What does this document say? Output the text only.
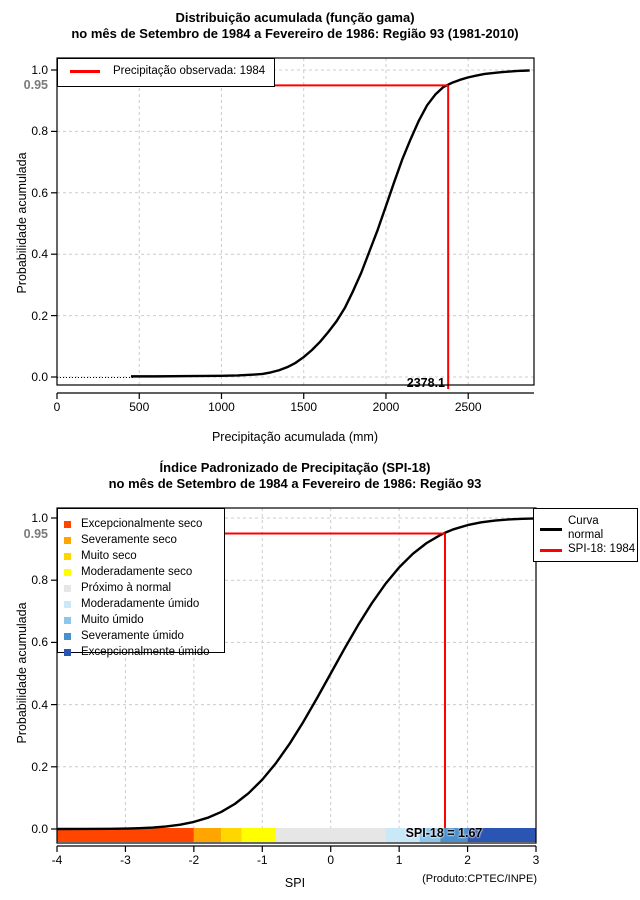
Distribuição acumulada (função gama)
no mês de Setembro de 1984 a Fevereiro de 1986: Região 93 (1981-2010)
Probabilidade acumulada
Precipitação acumulada (mm)
0.95
Precipitação observada: 1984
2378.1
Índice Padronizado de Precipitação (SPI-18)
no mês de Setembro de 1984 a Fevereiro de 1986: Região 93
Probabilidade acumulada
SPI
0.95
Excepcionalmente seco
Severamente seco
Muito seco
Moderadamente seco
Próximo à normal
Moderadamente úmido
Muito úmido
Severamente úmido
Excepcionalmente úmido
Curva normal
SPI-18: 1984
SPI-18 = 1.67
(Produto:CPTEC/INPE)
0	500	1000	1500	2000	2500
0.0
0.2
0.4
0.6
0.8
1.0
-4	-3	-2	-1	0	1	2	3
0.0
0.2
0.4
0.6
0.8
1.0
